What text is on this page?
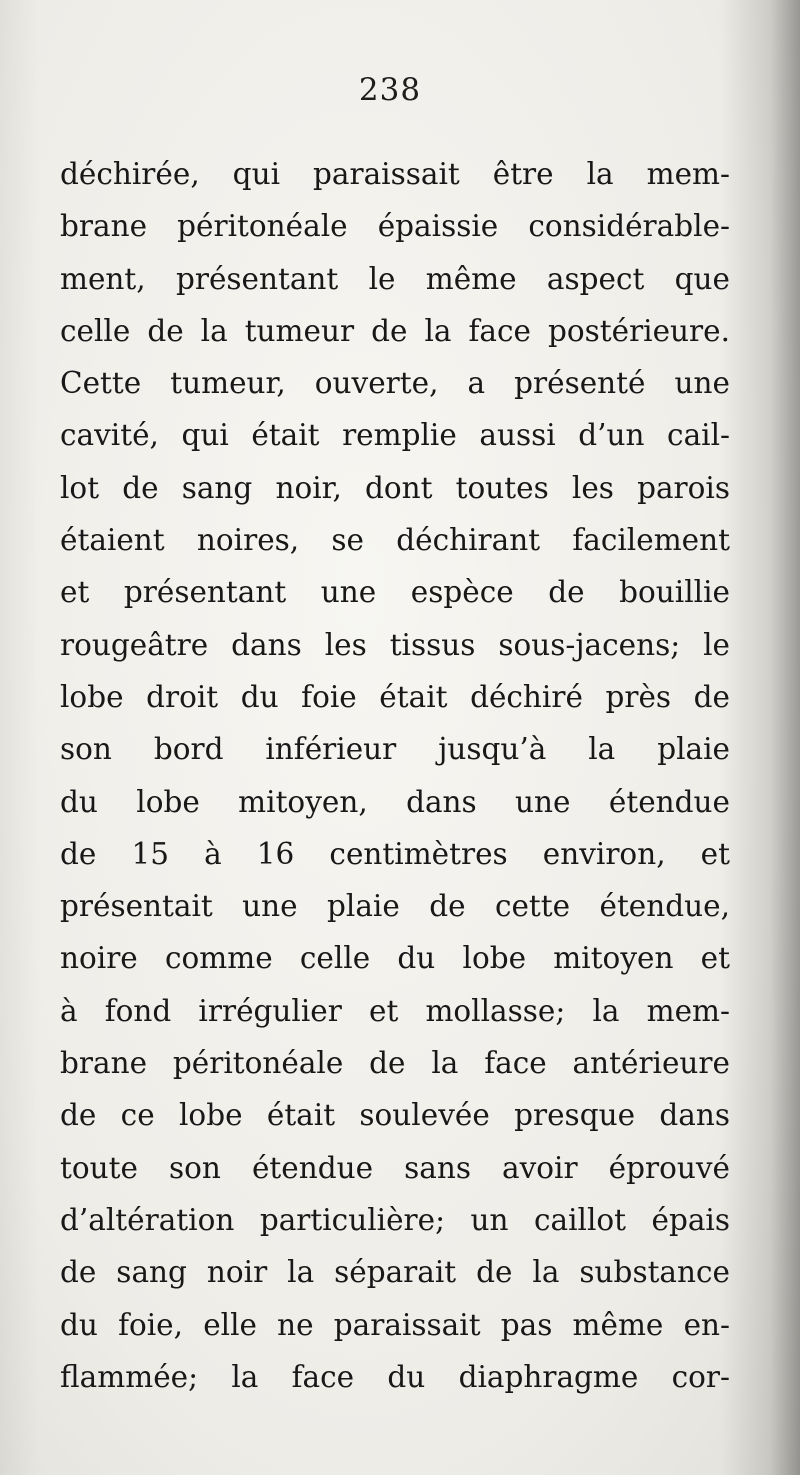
238
déchirée, qui paraissait être la mem-
brane péritonéale épaissie considérable-
ment, présentant le même aspect que
celle de la tumeur de la face postérieure.
Cette tumeur, ouverte, a présenté une
cavité, qui était remplie aussi d’un cail-
lot de sang noir, dont toutes les parois
étaient noires, se déchirant facilement
et présentant une espèce de bouillie
rougeâtre dans les tissus sous-jacens; le
lobe droit du foie était déchiré près de
son bord inférieur jusqu’à la plaie
du lobe mitoyen, dans une étendue
de 15 à 16 centimètres environ, et
présentait une plaie de cette étendue,
noire comme celle du lobe mitoyen et
à fond irrégulier et mollasse; la mem-
brane péritonéale de la face antérieure
de ce lobe était soulevée presque dans
toute son étendue sans avoir éprouvé
d’altération particulière; un caillot épais
de sang noir la séparait de la substance
du foie, elle ne paraissait pas même en-
flammée; la face du diaphragme cor-
